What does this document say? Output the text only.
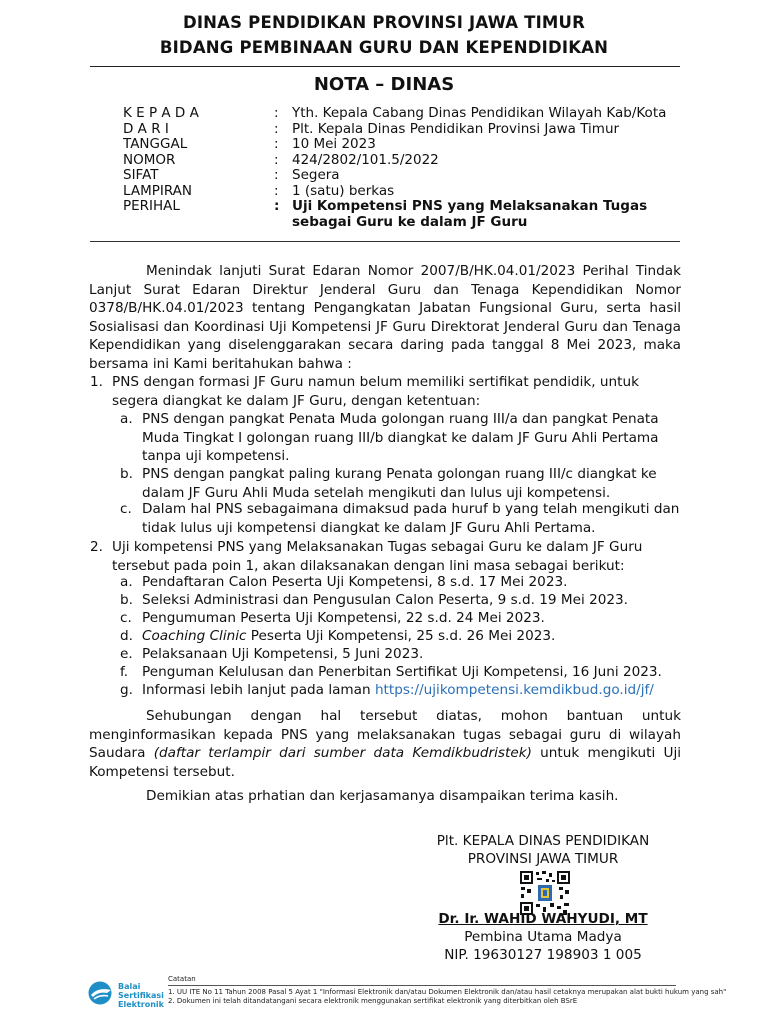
DINAS PENDIDIKAN PROVINSI JAWA TIMUR
BIDANG PEMBINAAN GURU DAN KEPENDIDIKAN
NOTA – DINAS
K E P A D A	: Yth. Kepala Cabang Dinas Pendidikan Wilayah Kab/Kota
D A R I	: Plt. Kepala Dinas Pendidikan Provinsi Jawa Timur
TANGGAL	: 10 Mei 2023
NOMOR	: 424/2802/101.5/2022
SIFAT	: Segera
LAMPIRAN	: 1 (satu) berkas
PERIHAL	: Uji Kompetensi PNS yang Melaksanakan Tugas
sebagai Guru ke dalam JF Guru
Menindak lanjuti Surat Edaran Nomor 2007/B/HK.04.01/2023 Perihal Tindak Lanjut Surat Edaran Direktur Jenderal Guru dan Tenaga Kependidikan Nomor 0378/B/HK.04.01/2023 tentang Pengangkatan Jabatan Fungsional Guru, serta hasil Sosialisasi dan Koordinasi Uji Kompetensi JF Guru Direktorat Jenderal Guru dan Tenaga Kependidikan yang diselenggarakan secara daring pada tanggal 8 Mei 2023, maka bersama ini Kami beritahukan bahwa :
1. PNS dengan formasi JF Guru namun belum memiliki sertifikat pendidik, untuk segera diangkat ke dalam JF Guru, dengan ketentuan:
a. PNS dengan pangkat Penata Muda golongan ruang III/a dan pangkat Penata Muda Tingkat I golongan ruang III/b diangkat ke dalam JF Guru Ahli Pertama tanpa uji kompetensi.
b. PNS dengan pangkat paling kurang Penata golongan ruang III/c diangkat ke dalam JF Guru Ahli Muda setelah mengikuti dan lulus uji kompetensi.
c. Dalam hal PNS sebagaimana dimaksud pada huruf b yang telah mengikuti dan tidak lulus uji kompetensi diangkat ke dalam JF Guru Ahli Pertama.
2. Uji kompetensi PNS yang Melaksanakan Tugas sebagai Guru ke dalam JF Guru tersebut pada poin 1, akan dilaksanakan dengan lini masa sebagai berikut:
a. Pendaftaran Calon Peserta Uji Kompetensi, 8 s.d. 17 Mei 2023.
b. Seleksi Administrasi dan Pengusulan Calon Peserta, 9 s.d. 19 Mei 2023.
c. Pengumuman Peserta Uji Kompetensi, 22 s.d. 24 Mei 2023.
d. Coaching Clinic Peserta Uji Kompetensi, 25 s.d. 26 Mei 2023.
e. Pelaksanaan Uji Kompetensi, 5 Juni 2023.
f. Penguman Kelulusan dan Penerbitan Sertifikat Uji Kompetensi, 16 Juni 2023.
g. Informasi lebih lanjut pada laman https://ujikompetensi.kemdikbud.go.id/jf/
Sehubungan dengan hal tersebut diatas, mohon bantuan untuk menginformasikan kepada PNS yang melaksanakan tugas sebagai guru di wilayah Saudara (daftar terlampir dari sumber data Kemdikbudristek) untuk mengikuti Uji Kompetensi tersebut.
Demikian atas prhatian dan kerjasamanya disampaikan terima kasih.
Plt. KEPALA DINAS PENDIDIKAN
PROVINSI JAWA TIMUR
Dr. Ir. WAHID WAHYUDI, MT
Pembina Utama Madya
NIP. 19630127 198903 1 005
Balai
Sertifikasi
Elektronik
Catatan
1. UU ITE No 11 Tahun 2008 Pasal 5 Ayat 1 "Informasi Elektronik dan/atau Dokumen Elektronik dan/atau hasil cetaknya merupakan alat bukti hukum yang sah"
2. Dokumen ini telah ditandatangani secara elektronik menggunakan sertifikat elektronik yang diterbitkan oleh BSrE
